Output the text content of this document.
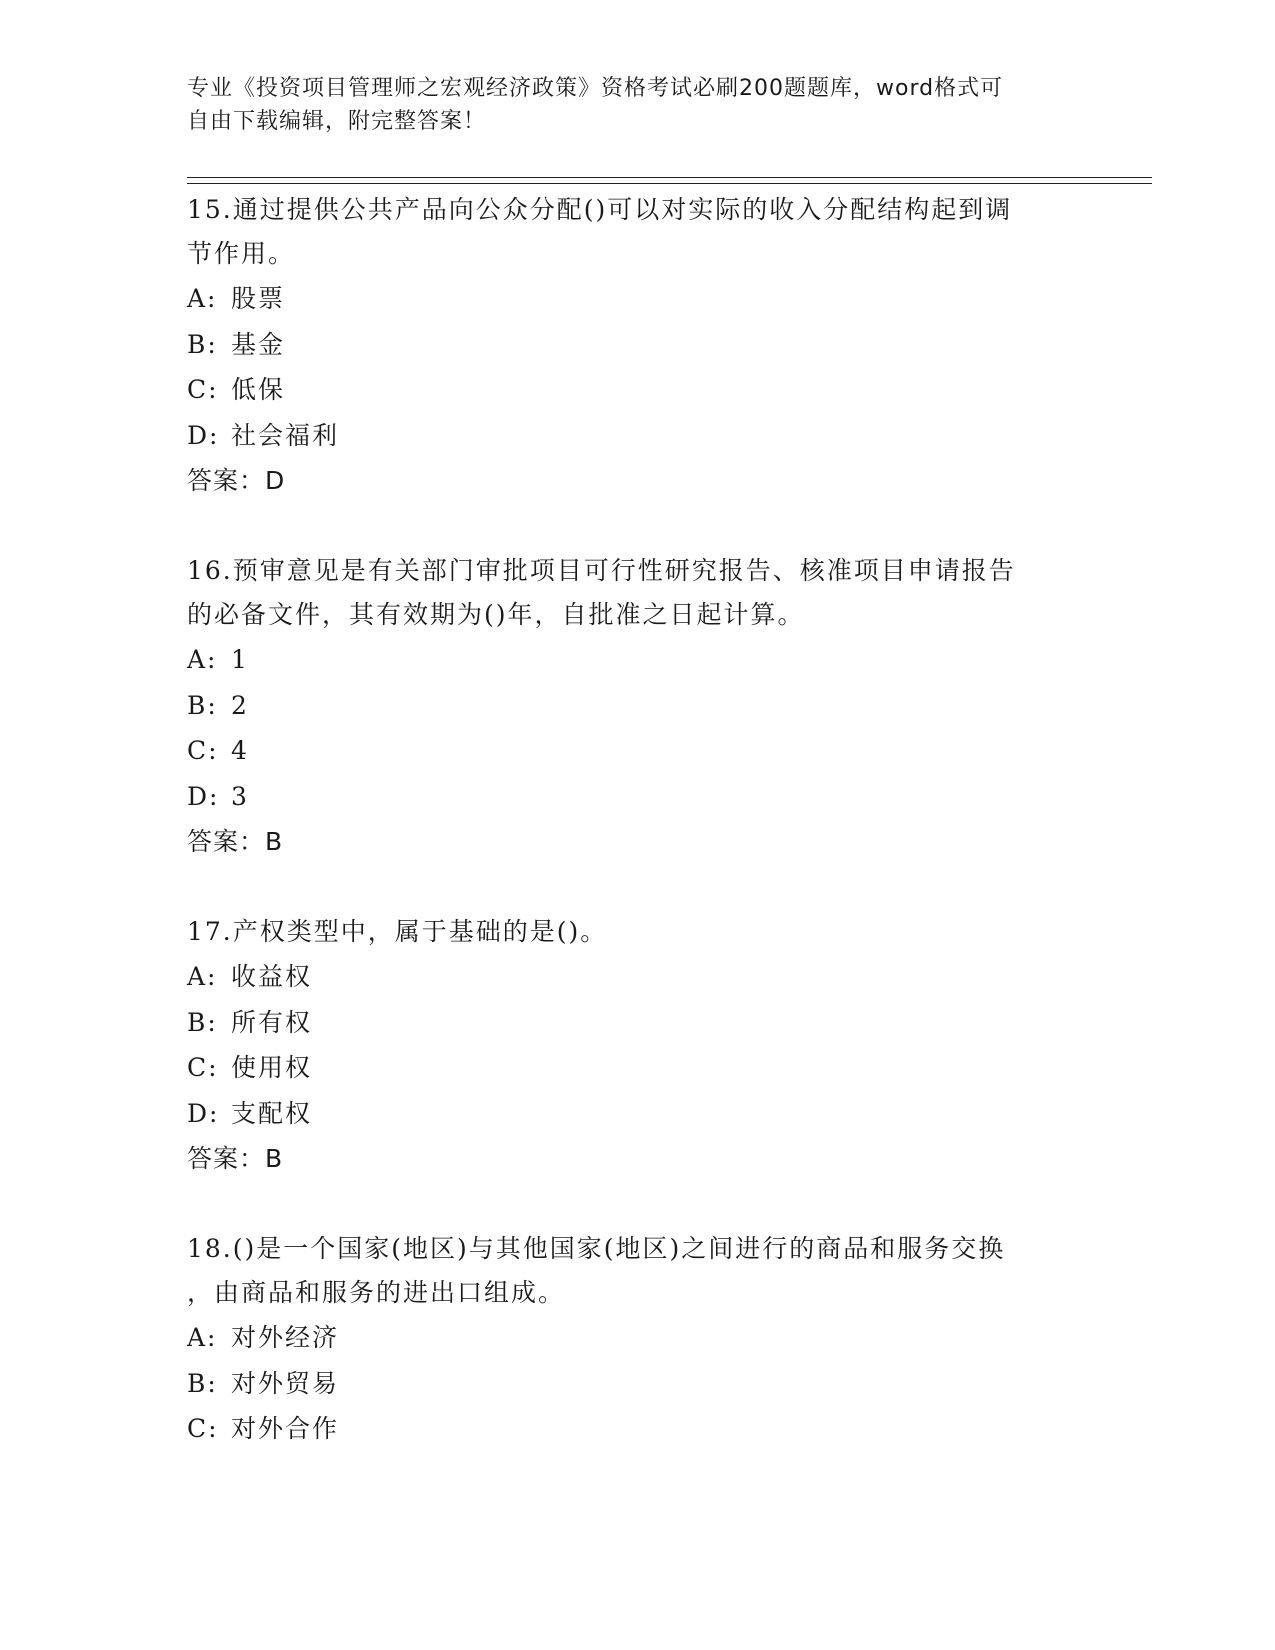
专业《投资项目管理师之宏观经济政策》资格考试必刷200题题库，word格式可
自由下载编辑，附完整答案！
15.通过提供公共产品向公众分配()可以对实际的收入分配结构起到调
节作用。
A: 股票
B: 基金
C: 低保
D: 社会福利
答案：D
16.预审意见是有关部门审批项目可行性研究报告、核准项目申请报告
的必备文件，其有效期为()年，自批准之日起计算。
A: 1
B: 2
C: 4
D: 3
答案：B
17.产权类型中，属于基础的是()。
A: 收益权
B: 所有权
C: 使用权
D: 支配权
答案：B
18.()是一个国家(地区)与其他国家(地区)之间进行的商品和服务交换
，由商品和服务的进出口组成。
A: 对外经济
B: 对外贸易
C: 对外合作
